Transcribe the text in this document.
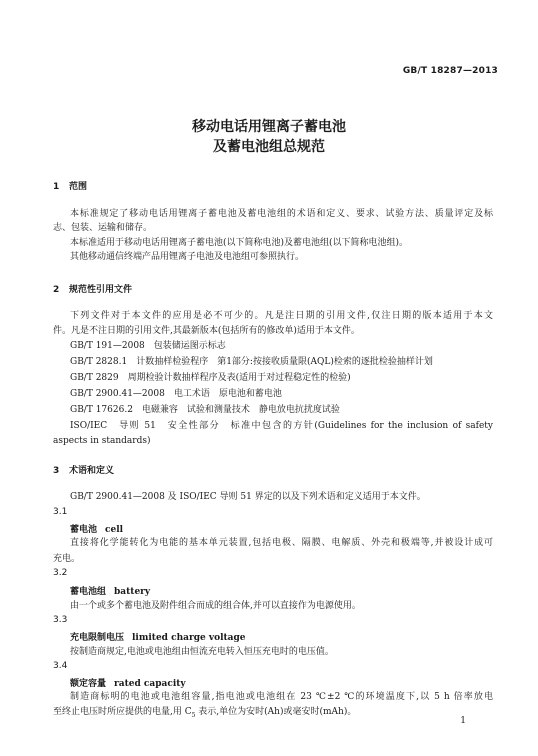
GB/T 18287—2013
移动电话用锂离子蓄电池
及蓄电池组总规范
1 范围
本标准规定了移动电话用锂离子蓄电池及蓄电池组的术语和定义、要求、试验方法、质量评定及标
志、包装、运输和储存。
本标准适用于移动电话用锂离子蓄电池(以下简称电池)及蓄电池组(以下简称电池组)。
其他移动通信终端产品用锂离子电池及电池组可参照执行。
2 规范性引用文件
下列文件对于本文件的应用是必不可少的。凡是注日期的引用文件,仅注日期的版本适用于本文
件。凡是不注日期的引用文件,其最新版本(包括所有的修改单)适用于本文件。
GB/T 191—2008　包装储运图示标志
GB/T 2828.1　计数抽样检验程序　第1部分:按接收质量限(AQL)检索的逐批检验抽样计划
GB/T 2829　周期检验计数抽样程序及表(适用于对过程稳定性的检验)
GB/T 2900.41—2008　电工术语　原电池和蓄电池
GB/T 17626.2　电磁兼容　试验和测量技术　静电放电抗扰度试验
ISO/IEC　导则 51　安全性部分　标准中包含的方针(Guidelines for the inclusion of safety
aspects in standards)
3 术语和定义
GB/T 2900.41—2008 及 ISO/IEC 导则 51 界定的以及下列术语和定义适用于本文件。
3.1
蓄电池 cell
直接将化学能转化为电能的基本单元装置,包括电极、隔膜、电解质、外壳和极端等,并被设计成可
充电。
3.2
蓄电池组 battery
由一个或多个蓄电池及附件组合而成的组合体,并可以直接作为电源使用。
3.3
充电限制电压 limited charge voltage
按制造商规定,电池或电池组由恒流充电转入恒压充电时的电压值。
3.4
额定容量 rated capacity
制造商标明的电池或电池组容量,指电池或电池组在 23 ℃±2 ℃的环境温度下,以 5 h 倍率放电
至终止电压时所应提供的电量,用 $C_5$ 表示,单位为安时(Ah)或毫安时(mAh)。
1
